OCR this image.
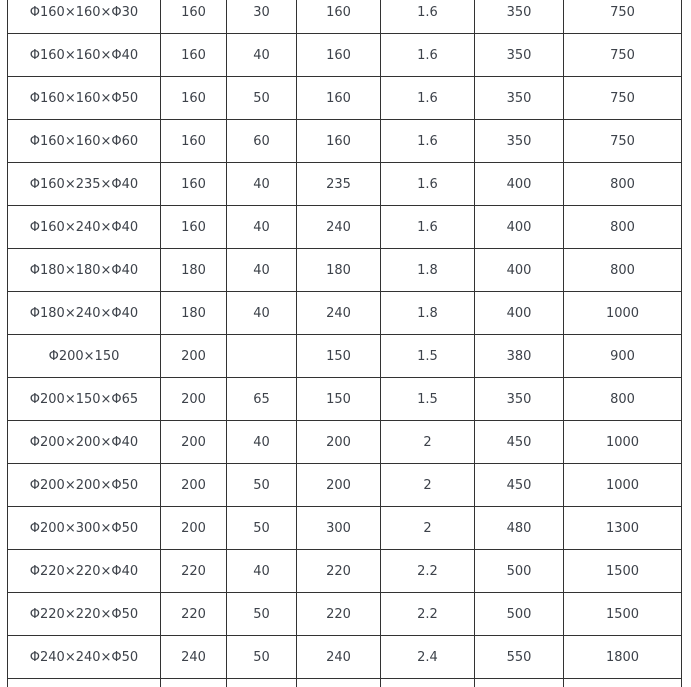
Φ160×160×Φ30	160	30	160	1.6	350	750
Φ160×160×Φ40	160	40	160	1.6	350	750
Φ160×160×Φ50	160	50	160	1.6	350	750
Φ160×160×Φ60	160	60	160	1.6	350	750
Φ160×235×Φ40	160	40	235	1.6	400	800
Φ160×240×Φ40	160	40	240	1.6	400	800
Φ180×180×Φ40	180	40	180	1.8	400	800
Φ180×240×Φ40	180	40	240	1.8	400	1000
Φ200×150	200		150	1.5	380	900
Φ200×150×Φ65	200	65	150	1.5	350	800
Φ200×200×Φ40	200	40	200	2	450	1000
Φ200×200×Φ50	200	50	200	2	450	1000
Φ200×300×Φ50	200	50	300	2	480	1300
Φ220×220×Φ40	220	40	220	2.2	500	1500
Φ220×220×Φ50	220	50	220	2.2	500	1500
Φ240×240×Φ50	240	50	240	2.4	550	1800
